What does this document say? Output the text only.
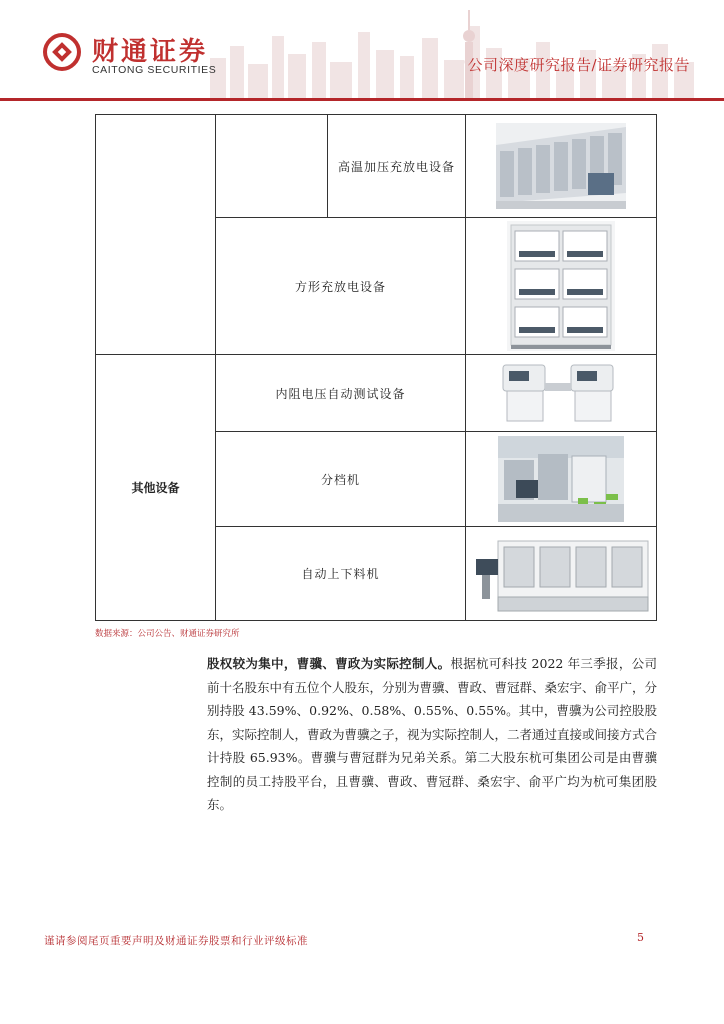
财通证券
CAITONG SECURITIES	公司深度研究报告/证券研究报告
		高温加压充放电设备	

	方形充放电设备	

其他设备	内阻电压自动测试设备	

	分档机	

	自动上下料机	
数据来源：公司公告、财通证券研究所
股权较为集中，曹骥、曹政为实际控制人。根据杭可科技 2022 年三季报，公司前十名股东中有五位个人股东，分别为曹骥、曹政、曹冠群、桑宏宇、俞平广，分别持股 43.59%、0.92%、0.58%、0.55%、0.55%。其中，曹骥为公司控股股东，实际控制人，曹政为曹骥之子，视为实际控制人，二者通过直接或间接方式合计持股 65.93%。曹骥与曹冠群为兄弟关系。第二大股东杭可集团公司是由曹骥控制的员工持股平台，且曹骥、曹政、曹冠群、桑宏宇、俞平广均为杭可集团股东。
谨请参阅尾页重要声明及财通证券股票和行业评级标准	5
